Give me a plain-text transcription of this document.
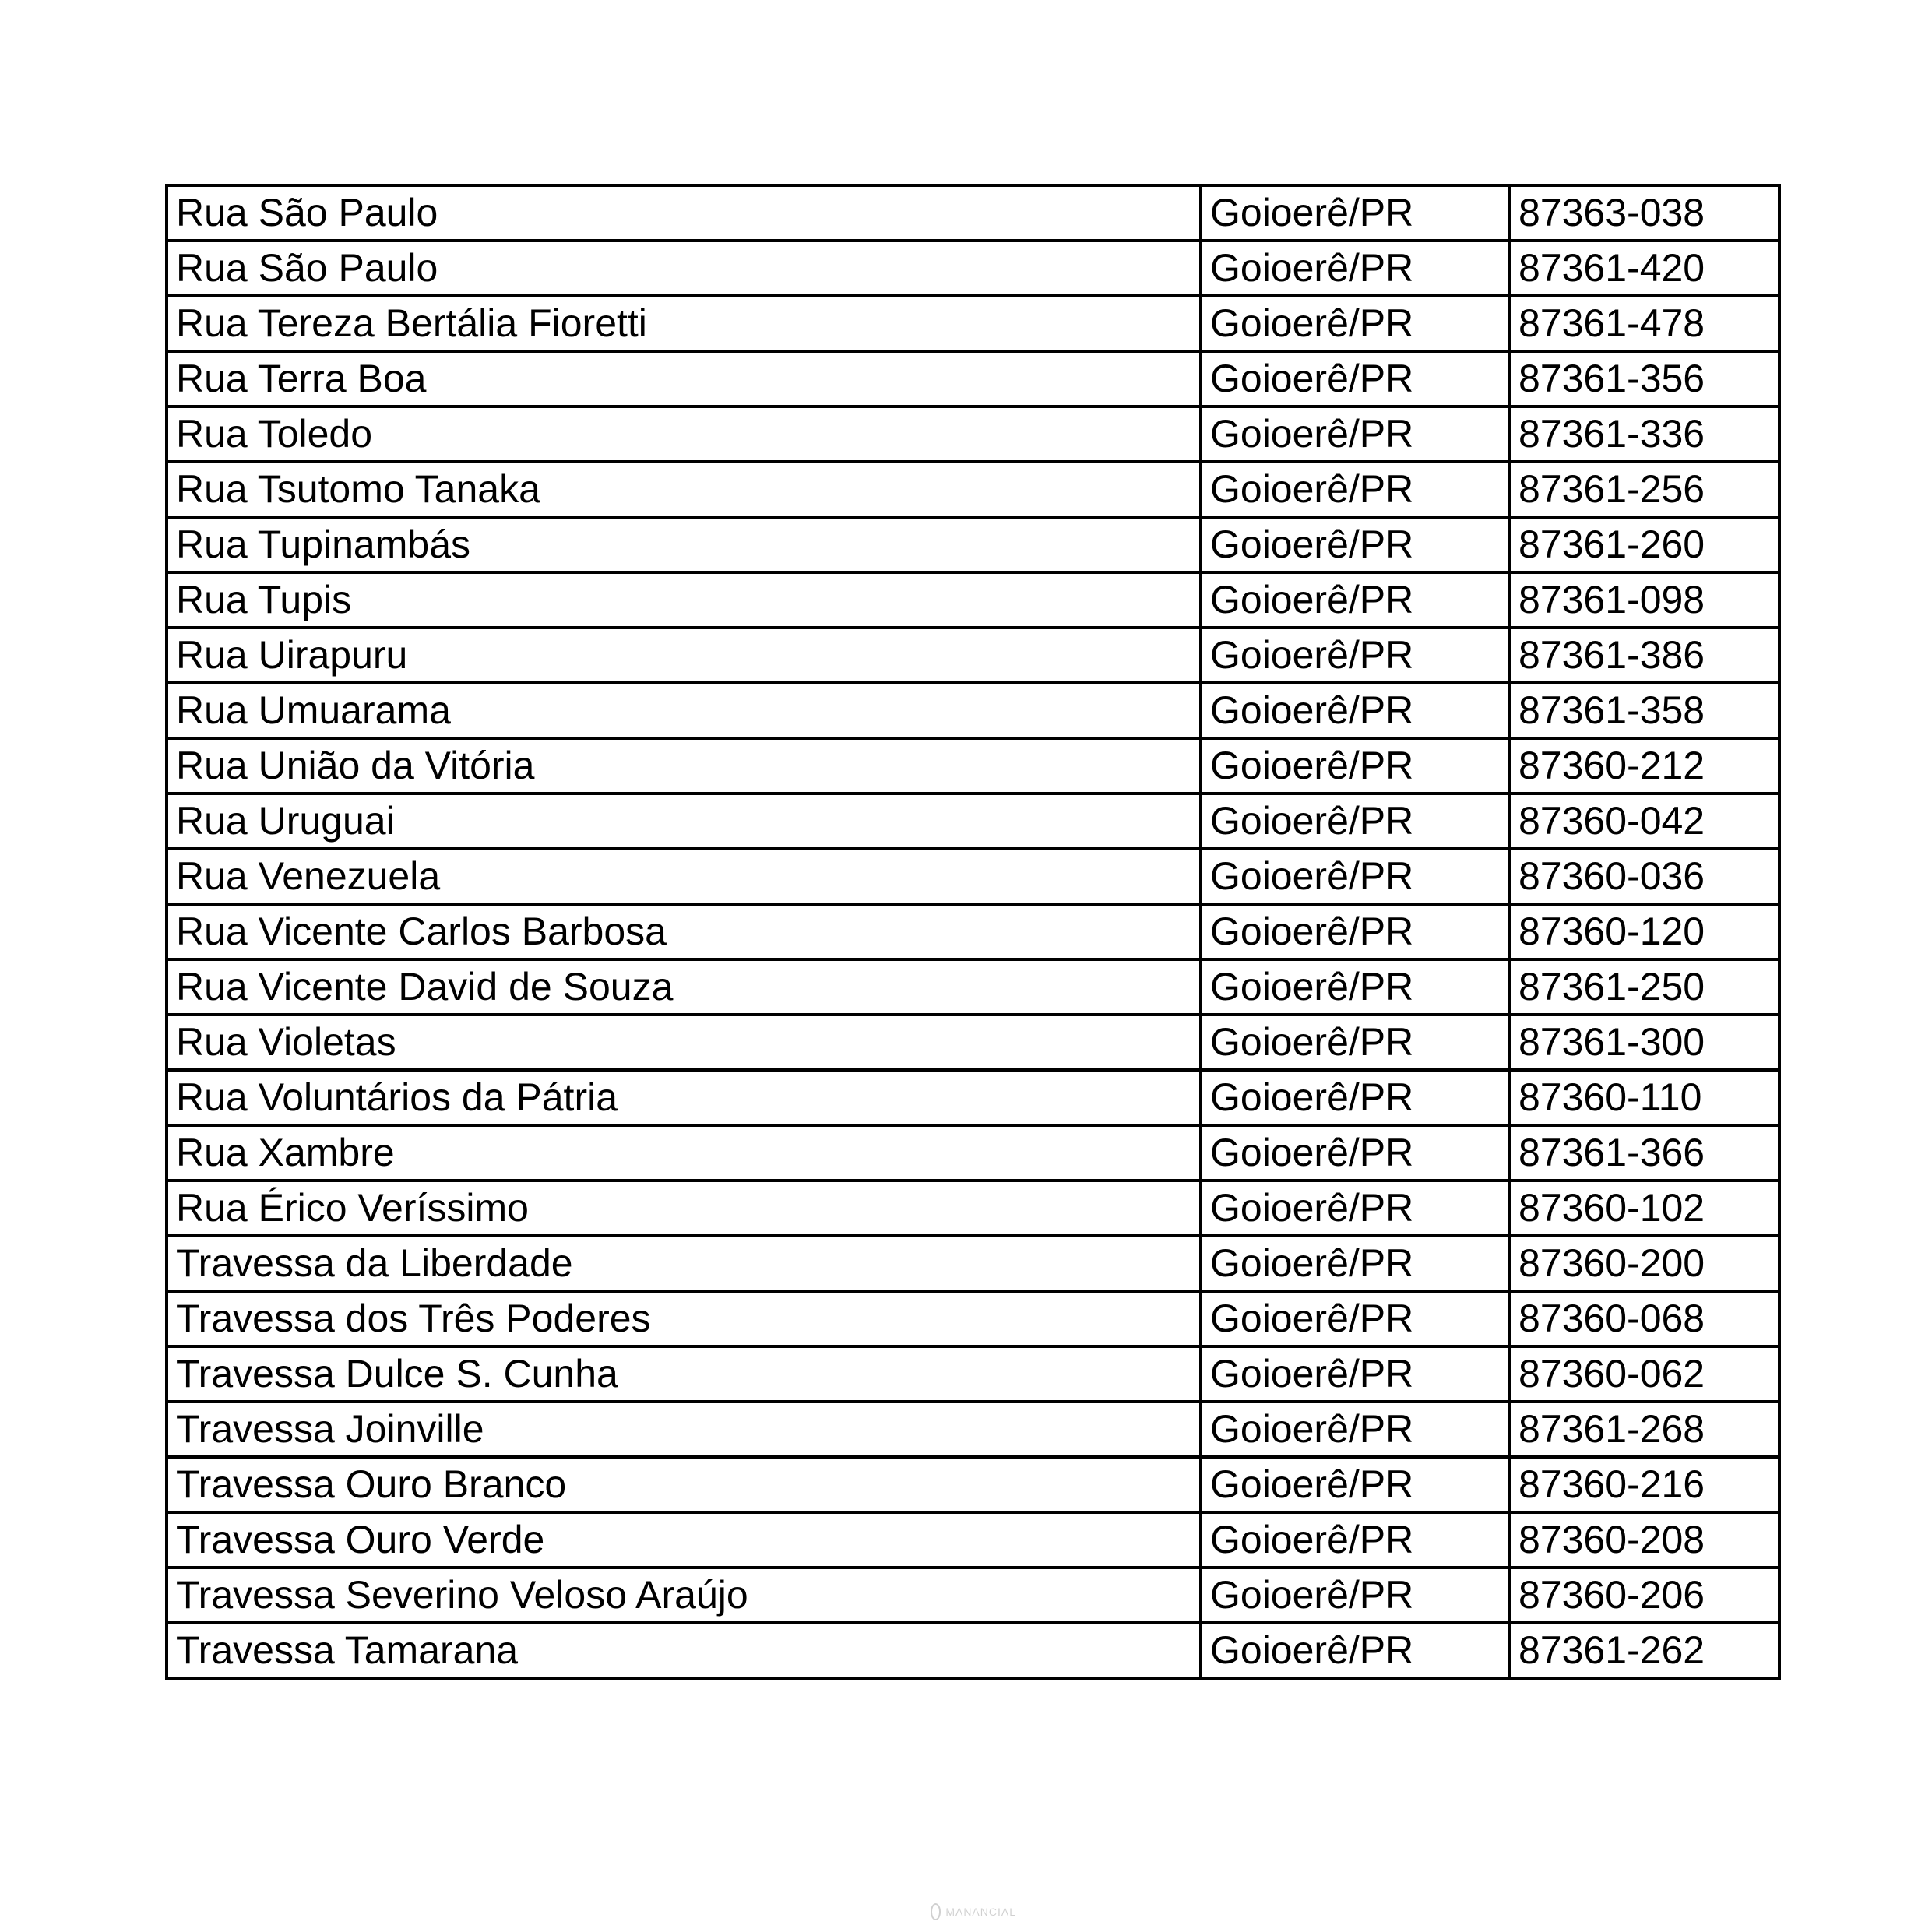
Rua São Paulo	Goioerê/PR	87363-038
Rua São Paulo	Goioerê/PR	87361-420
Rua Tereza Bertália Fioretti	Goioerê/PR	87361-478
Rua Terra Boa	Goioerê/PR	87361-356
Rua Toledo	Goioerê/PR	87361-336
Rua Tsutomo Tanaka	Goioerê/PR	87361-256
Rua Tupinambás	Goioerê/PR	87361-260
Rua Tupis	Goioerê/PR	87361-098
Rua Uirapuru	Goioerê/PR	87361-386
Rua Umuarama	Goioerê/PR	87361-358
Rua União da Vitória	Goioerê/PR	87360-212
Rua Uruguai	Goioerê/PR	87360-042
Rua Venezuela	Goioerê/PR	87360-036
Rua Vicente Carlos Barbosa	Goioerê/PR	87360-120
Rua Vicente David de Souza	Goioerê/PR	87361-250
Rua Violetas	Goioerê/PR	87361-300
Rua Voluntários da Pátria	Goioerê/PR	87360-110
Rua Xambre	Goioerê/PR	87361-366
Rua Érico Veríssimo	Goioerê/PR	87360-102
Travessa da Liberdade	Goioerê/PR	87360-200
Travessa dos Três Poderes	Goioerê/PR	87360-068
Travessa Dulce S. Cunha	Goioerê/PR	87360-062
Travessa Joinville	Goioerê/PR	87361-268
Travessa Ouro Branco	Goioerê/PR	87360-216
Travessa Ouro Verde	Goioerê/PR	87360-208
Travessa Severino Veloso Araújo	Goioerê/PR	87360-206
Travessa Tamarana	Goioerê/PR	87361-262
MANANCIAL
